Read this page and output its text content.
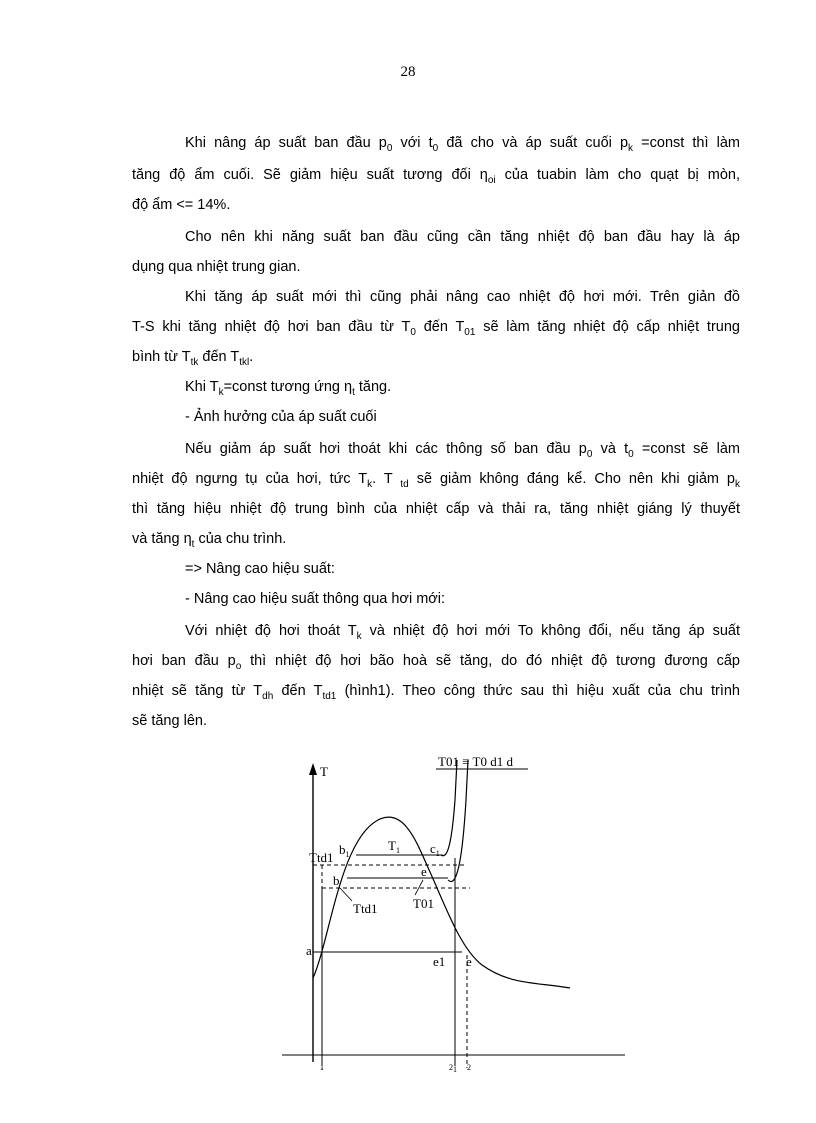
28
Khi nâng áp suất ban đầu $p_0$ với $t_0$ đã cho và áp suất cuối $p_k$ =const thì làm
tăng độ ẩm cuối. Sẽ giảm hiệu suất tương đối $\eta_{oi}$ của tuabin làm cho quạt bị mòn,
độ ẩm <= 14%.
Cho nên khi năng suất ban đầu cũng cần tăng nhiệt độ ban đầu hay là áp
dụng qua nhiệt trung gian.
Khi tăng áp suất mới thì cũng phải nâng cao nhiệt độ hơi mới. Trên giản đồ
T-S khi tăng nhiệt độ hơi ban đầu từ $T_0$ đến $T_{01}$ sẽ làm tăng nhiệt độ cấp nhiệt trung
bình từ $T_{tk}$ đến $T_{tkl}$.
Khi $T_k=const$ tương ứng $\eta_t$ tăng.
- Ảnh hưởng của áp suất cuối
Nếu giảm áp suất hơi thoát khi các thông số ban đầu $p_0$ và $t_0$ =const sẽ làm
nhiệt độ ngưng tụ của hơi, tức $T_k$. T $_{td}$ sẽ giảm không đáng kể. Cho nên khi giảm $p_k$
thì tăng hiệu nhiệt độ trung bình của nhiệt cấp và thải ra, tăng nhiệt giáng lý thuyết
và tăng $\eta_t$ của chu trình.
=> Nâng cao hiệu suất:
- Nâng cao hiệu suất thông qua hơi mới:
Với nhiệt độ hơi thoát $T_k$ và nhiệt độ hơi mới To không đổi, nếu tăng áp suất
hơi ban đầu $p_o$ thì nhiệt độ hơi bão hoà sẽ tăng, do đó nhiệt độ tương đương cấp
nhiệt sẽ tăng từ $T_{dh}$ đến $T_{td1}$ (hình1). Theo công thức sau thì hiệu xuất của chu trình
sẽ tăng lên.
T
T01 ≡ T0 d1 d
Ttd1
$b_1$
$T_1$ $c_1$
e
b
Ttd1	T01
a
e1 e
1	21 2
